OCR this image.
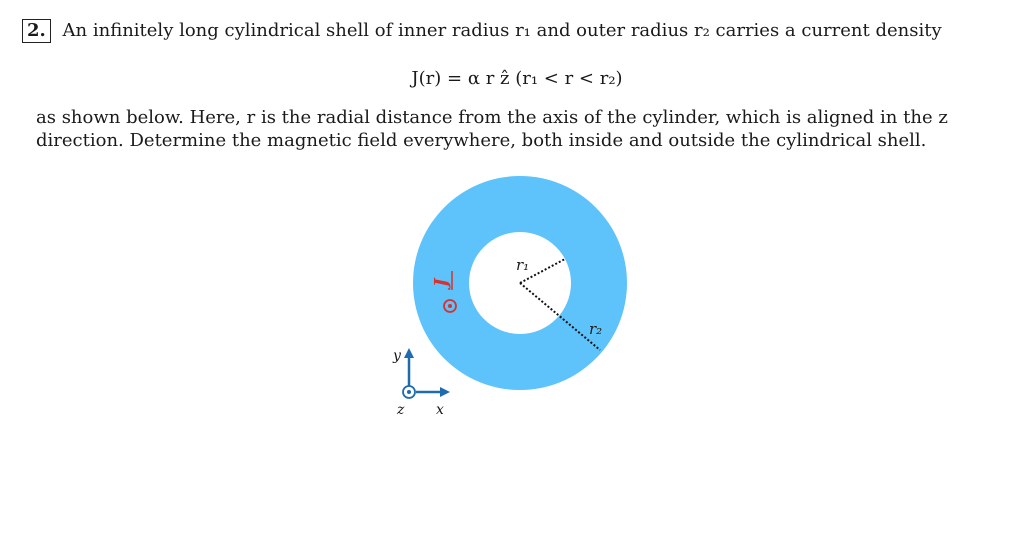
2. An infinitely long cylindrical shell of inner radius r₁ and outer radius r₂ carries a current density
J(r) = α r ẑ (r₁ < r < r₂)
as shown below. Here, r is the radial distance from the axis of the cylinder, which is aligned in the z direction. Determine the magnetic field everywhere, both inside and outside the cylindrical shell.
r₁
r₂
J
y
x
z
